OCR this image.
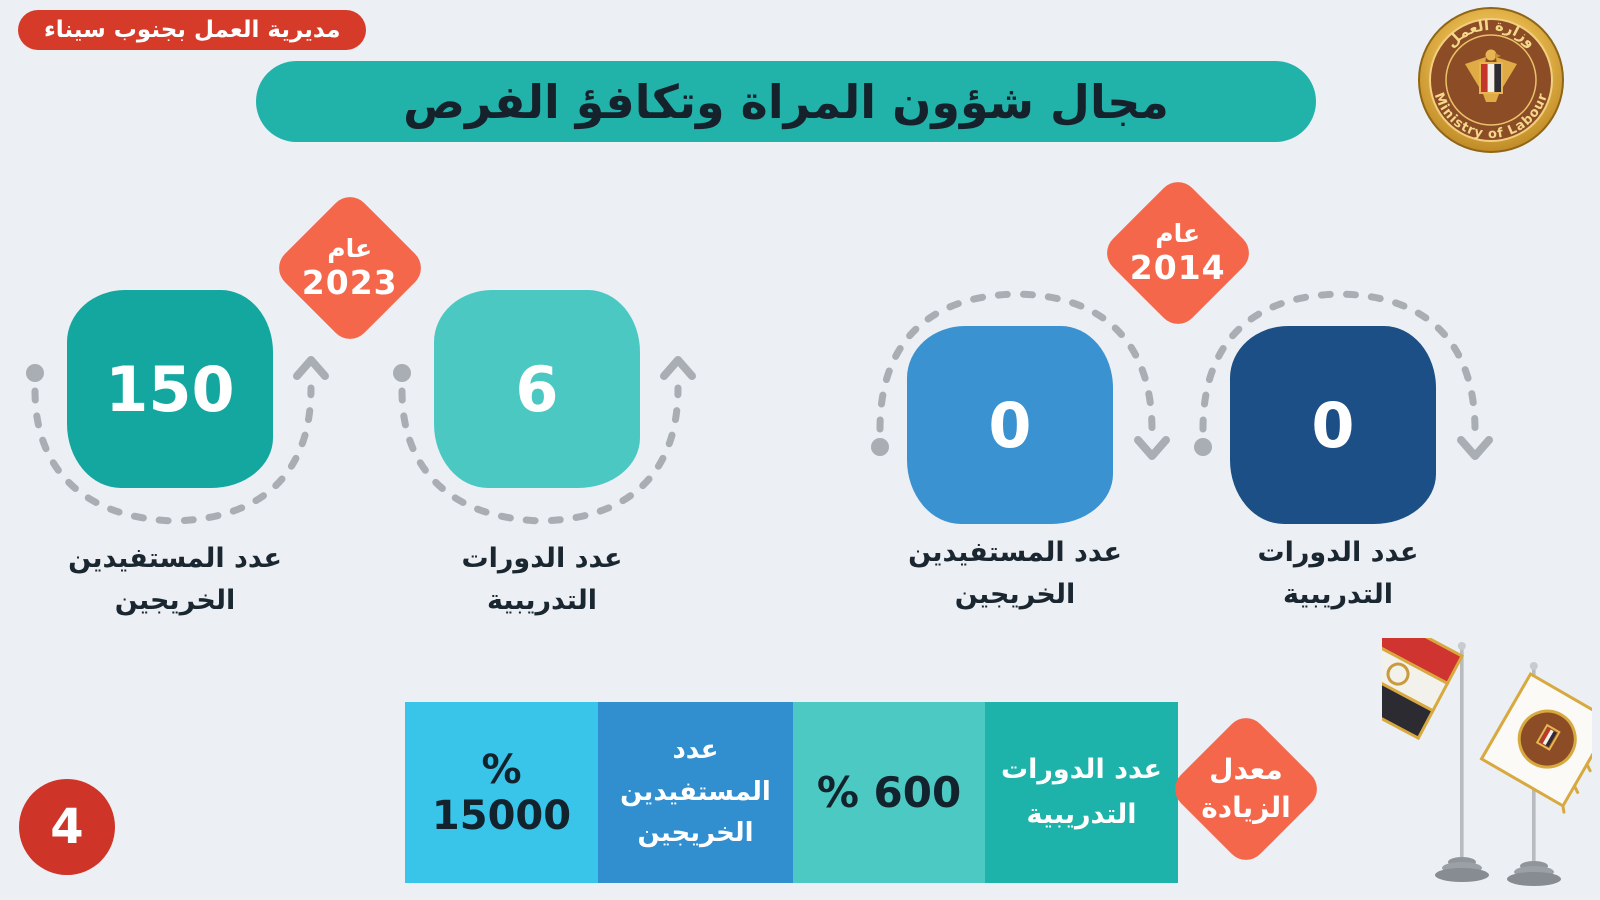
مديرية العمل بجنوب سيناء
مجال شؤون المراة وتكافؤ الفرص
وزارة العمل
Ministry of Labour
عام
2023
عام
2014
150
عدد المستفيدين
الخريجين
6
عدد الدورات
التدريبية
0
عدد المستفيدين
الخريجين
0
عدد الدورات
التدريبية
% 15000
عدد
المستفيدين
الخريجين
% 600 عدد الدورات
التدريبية
معدل
الزيادة
4
